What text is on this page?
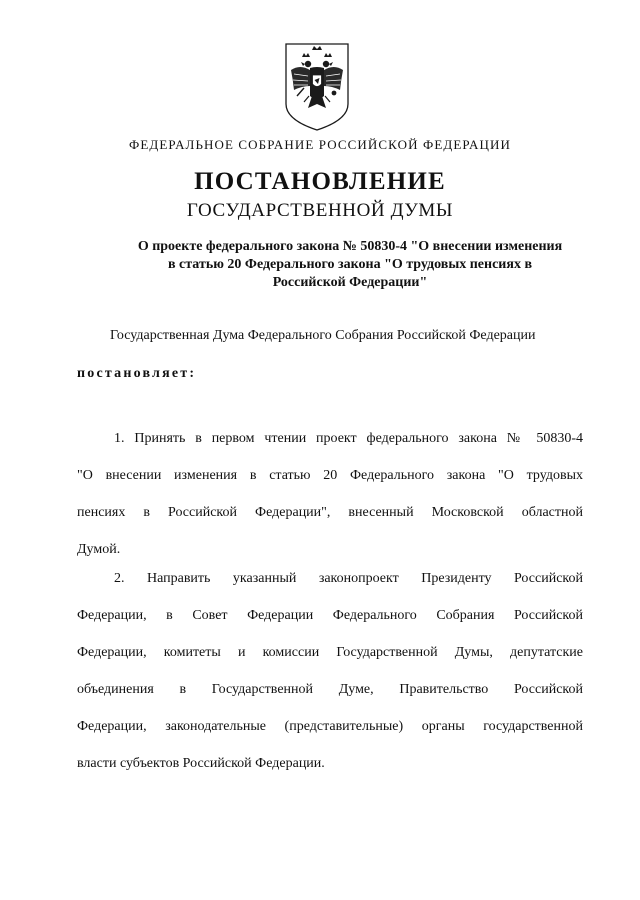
ФЕДЕРАЛЬНОЕ СОБРАНИЕ РОССИЙСКОЙ ФЕДЕРАЦИИ
ПОСТАНОВЛЕНИЕ
ГОСУДАРСТВЕННОЙ ДУМЫ
О проекте федерального закона № 50830-4 "О внесении изменения
в статью 20 Федерального закона "О трудовых пенсиях в
Российской Федерации"
Государственная Дума Федерального Собрания Российской Федерации
постановляет:
1. Принять в первом чтении проект федерального закона № 50830-4
"О внесении изменения в статью 20 Федерального закона "О трудовых
пенсиях в Российской Федерации", внесенный Московской областной
Думой.
2. Направить указанный законопроект Президенту Российской
Федерации, в Совет Федерации Федерального Собрания Российской
Федерации, комитеты и комиссии Государственной Думы, депутатские
объединения в Государственной Думе, Правительство Российской
Федерации, законодательные (представительные) органы государственной
власти субъектов Российской Федерации.
